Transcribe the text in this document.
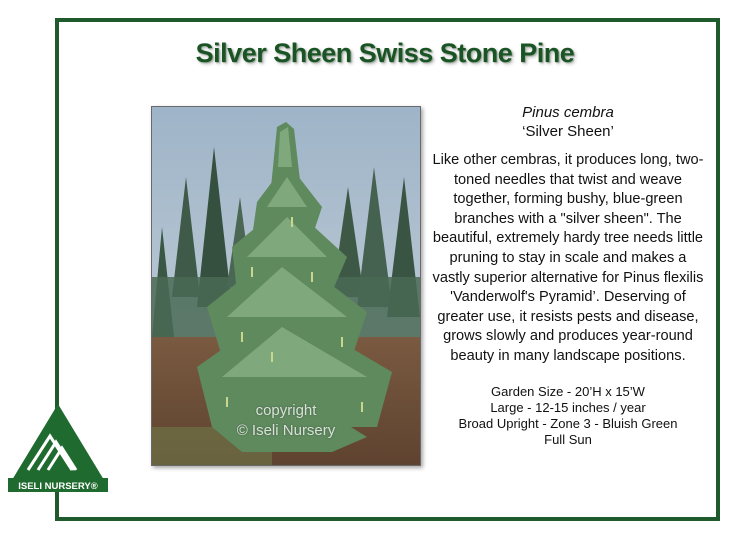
Silver Sheen Swiss Stone Pine
copyright
© Iseli Nursery
Pinus cembra
‘Silver Sheen’
Like other cembras, it produces long, two-toned needles that twist and weave together, forming bushy, blue-green branches with a "silver sheen". The beautiful, extremely hardy tree needs little pruning to stay in scale and makes a vastly superior alternative for Pinus flexilis 'Vanderwolf's Pyramid’. Deserving of greater use, it resists pests and disease, grows slowly and produces year-round beauty in many landscape positions.
Garden Size - 20’H x 15’W
Large - 12-15 inches / year
Broad Upright - Zone 3 - Bluish Green
Full Sun
ISELI NURSERY®
